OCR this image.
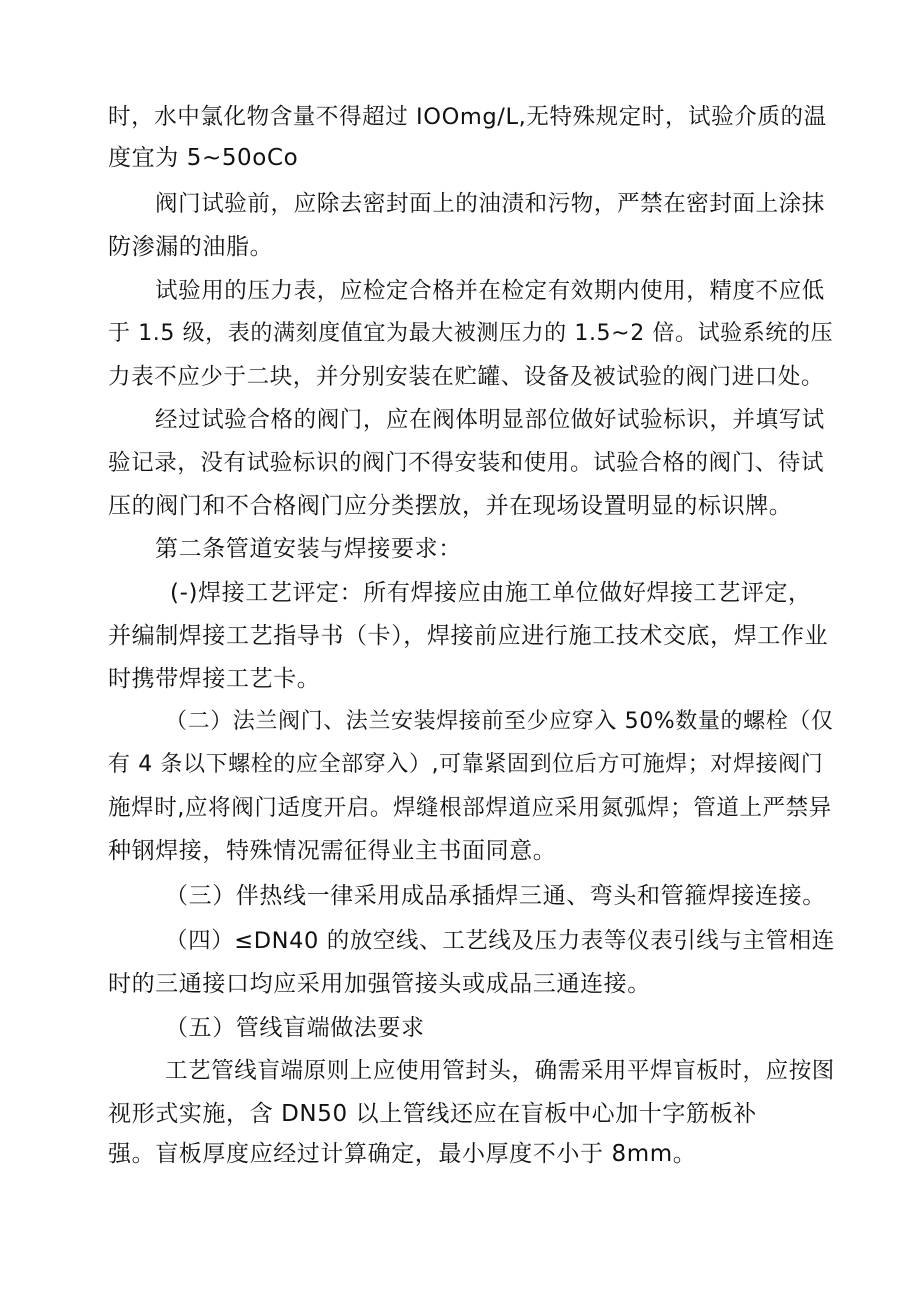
时，水中氯化物含量不得超过 IOOmg/L,无特殊规定时，试验介质的温
度宜为 5~50oCo
阀门试验前，应除去密封面上的油渍和污物，严禁在密封面上涂抹
防渗漏的油脂。
试验用的压力表，应检定合格并在检定有效期内使用，精度不应低
于 1.5 级，表的满刻度值宜为最大被测压力的 1.5~2 倍。试验系统的压
力表不应少于二块，并分别安装在贮罐、设备及被试验的阀门进口处。
经过试验合格的阀门，应在阀体明显部位做好试验标识，并填写试
验记录，没有试验标识的阀门不得安装和使用。试验合格的阀门、待试
压的阀门和不合格阀门应分类摆放，并在现场设置明显的标识牌。
第二条管道安装与焊接要求：
(-)焊接工艺评定：所有焊接应由施工单位做好焊接工艺评定，
并编制焊接工艺指导书（卡），焊接前应进行施工技术交底，焊工作业
时携带焊接工艺卡。
（二）法兰阀门、法兰安装焊接前至少应穿入 50%数量的螺栓（仅
有 4 条以下螺栓的应全部穿入）,可靠紧固到位后方可施焊；对焊接阀门
施焊时,应将阀门适度开启。焊缝根部焊道应采用氮弧焊；管道上严禁异
种钢焊接，特殊情况需征得业主书面同意。
（三）伴热线一律采用成品承插焊三通、弯头和管箍焊接连接。
（四）≤DN40 的放空线、工艺线及压力表等仪表引线与主管相连
时的三通接口均应采用加强管接头或成品三通连接。
（五）管线盲端做法要求
工艺管线盲端原则上应使用管封头，确需采用平焊盲板时，应按图
视形式实施，含 DN50 以上管线还应在盲板中心加十字筋板补
强。盲板厚度应经过计算确定，最小厚度不小于 8mm。
